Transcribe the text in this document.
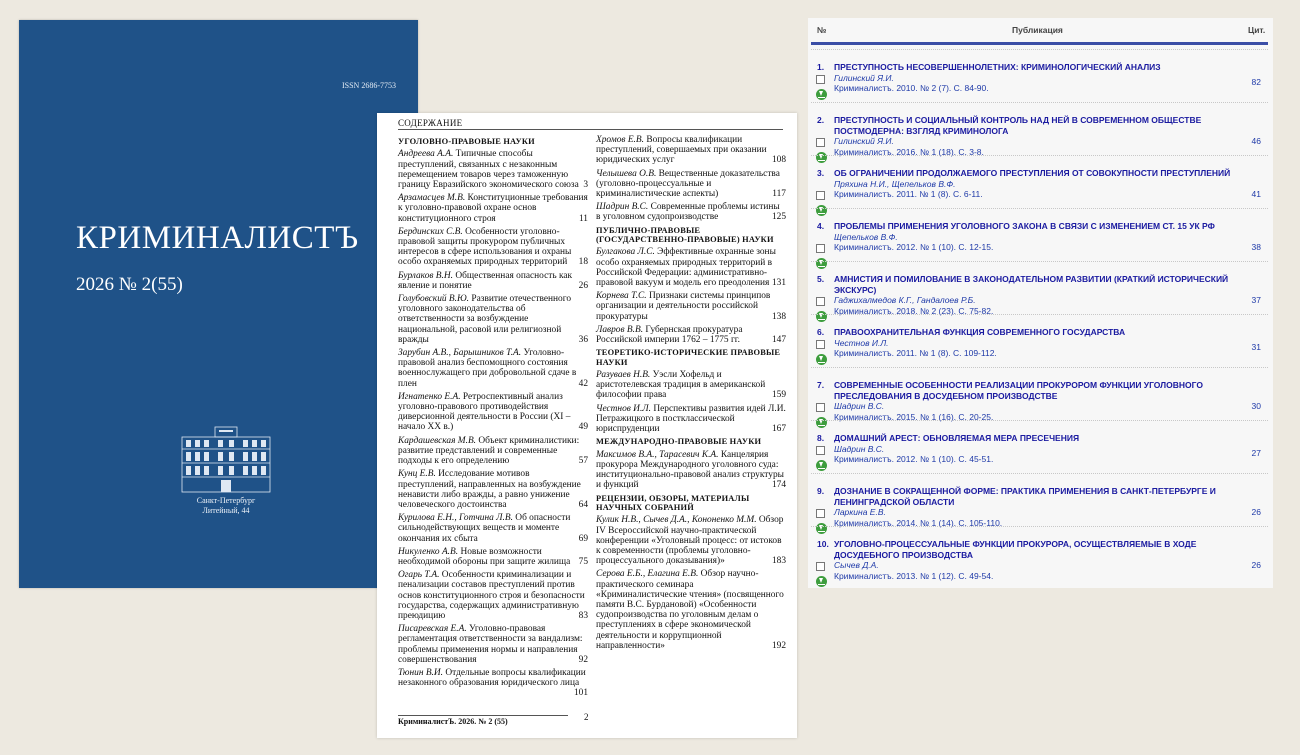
ISSN 2686-7753
КРИМИНАЛИСТЪ
2026 № 2(55)
Санкт-Петербург
Литейный, 44
СОДЕРЖАНИЕ
УГОЛОВНО-ПРАВОВЫЕ НАУКИ
Андреева А.А. Типичные способы преступлений, связанных с незаконным перемещением товаров через таможенную границу Евразийского экономического союза 3
Арзамасцев М.В. Конституционные требования к уголовно-правовой охране основ конституционного строя	11
Бердинских С.В. Особенности уголовно-правовой защиты прокурором публичных интересов в сфере использования и охраны особо охраняемых природных территорий 18
Бурлаков В.Н. Общественная опасность как явление и понятие	26
Голубовский В.Ю. Развитие отечественного уголовного законодательства об ответственности за возбуждение национальной, расовой или религиозной вражды	36
Зарубин А.В., Барышников Т.А. Уголовно-правовой анализ беспомощного состояния военнослужащего при добровольной сдаче в плен	42
Игнатенко Е.А. Ретроспективный анализ уголовно-правового противодействия диверсионной деятельности в России (XI – начало XX в.)	49
Кардашевская М.В. Объект криминалистики: развитие представлений и современные подходы к его определению	57
Кунц Е.В. Исследование мотивов преступлений, направленных на возбуждение ненависти либо вражды, а равно унижение человеческого достоинства	64
Курилова Е.Н., Готчина Л.В. Об опасности сильнодействующих веществ и моменте окончания их сбыта	69
Никуленко А.В. Новые возможности необходимой обороны при защите жилища 75
Огарь Т.А. Особенности криминализации и пенализации составов преступлений против основ конституционного строя и безопасности государства, содержащих административную преюдицию	83
Писаревская Е.А. Уголовно-правовая регламентация ответственности за вандализм: проблемы применения нормы и направления совершенствования	92
Тюнин В.И. Отдельные вопросы квалификации незаконного образования юридического лица
101
Хромов Е.В. Вопросы квалификации преступлений, совершаемых при оказании юридических услуг	108
Челышева О.В. Вещественные доказательства (уголовно-процессуальные и криминалистические аспекты)	117
Шадрин В.С. Современные проблемы истины в уголовном судопроизводстве	125
ПУБЛИЧНО-ПРАВОВЫЕ (ГОСУДАРСТВЕННО-ПРАВОВЫЕ) НАУКИ
Булгакова Л.С. Эффективные охранные зоны особо охраняемых природных территорий в Российской Федерации: административно-правовой вакуум и модель его преодоления 131
Корнева Т.С. Признаки системы принципов организации и деятельности российской прокуратуры	138
Лавров В.В. Губернская прокуратура Российской империи 1762 – 1775 гг.	147
ТЕОРЕТИКО-ИСТОРИЧЕСКИЕ ПРАВОВЫЕ НАУКИ
Разуваев Н.В. Уэсли Хофельд и аристотелевская традиция в американской философии права	159
Честнов И.Л. Перспективы развития идей Л.И. Петражицкого в постклассической юриспруденции	167
МЕЖДУНАРОДНО-ПРАВОВЫЕ НАУКИ
Максимов В.А., Тарасевич К.А. Канцелярия прокурора Международного уголовного суда: институционально-правовой анализ структуры и функций	174
РЕЦЕНЗИИ, ОБЗОРЫ, МАТЕРИАЛЫ НАУЧНЫХ СОБРАНИЙ
Кулик Н.В., Сычев Д.А., Кононенко М.М. Обзор IV Всероссийской научно-практической конференции «Уголовный процесс: от истоков к современности (проблемы уголовно-процессуального доказывания)»	183
Серова Е.Б., Елагина Е.В. Обзор научно-практического семинара «Криминалистические чтения» (посвященного памяти В.С. Бурдановой) «Особенности судопроизводства по уголовным делам о преступлениях в сфере экономической деятельности и коррупционной направленности»	192
2
КриминалистЪ. 2026. № 2 (55)
№	Публикация	Цит.
1. ПРЕСТУПНОСТЬ НЕСОВЕРШЕННОЛЕТНИХ: КРИМИНОЛОГИЧЕСКИЙ АНАЛИЗ
Гилинский Я.И.
Криминалистъ. 2010. № 2 (7). С. 84-90.
82
2. ПРЕСТУПНОСТЬ И СОЦИАЛЬНЫЙ КОНТРОЛЬ НАД НЕЙ В СОВРЕМЕННОМ ОБЩЕСТВЕ ПОСТМОДЕРНА: ВЗГЛЯД КРИМИНОЛОГА
Гилинский Я.И.
Криминалистъ. 2016. № 1 (18). С. 3-8.
46
3. ОБ ОГРАНИЧЕНИИ ПРОДОЛЖАЕМОГО ПРЕСТУПЛЕНИЯ ОТ СОВОКУПНОСТИ ПРЕСТУПЛЕНИЙ
Пряхина Н.И., Щепельков В.Ф.
Криминалистъ. 2011. № 1 (8). С. 6-11.	41
4. ПРОБЛЕМЫ ПРИМЕНЕНИЯ УГОЛОВНОГО ЗАКОНА В СВЯЗИ С ИЗМЕНЕНИЕМ СТ. 15 УК РФ
Щепельков В.Ф.
Криминалистъ. 2012. № 1 (10). С. 12-15.	38
5. АМНИСТИЯ И ПОМИЛОВАНИЕ В ЗАКОНОДАТЕЛЬНОМ РАЗВИТИИ (КРАТКИЙ ИСТОРИЧЕСКИЙ ЭКСКУРС)
Гаджихалмедов К.Г., Гандалоев Р.Б.
Криминалистъ. 2018. № 2 (23). С. 75-82.
37
6. ПРАВООХРАНИТЕЛЬНАЯ ФУНКЦИЯ СОВРЕМЕННОГО ГОСУДАРСТВА
Честнов И.Л.
Криминалистъ. 2011. № 1 (8). С. 109-112.
31
7. СОВРЕМЕННЫЕ ОСОБЕННОСТИ РЕАЛИЗАЦИИ ПРОКУРОРОМ ФУНКЦИИ УГОЛОВНОГО ПРЕСЛЕДОВАНИЯ В ДОСУДЕБНОМ ПРОИЗВОДСТВЕ
Шадрин В.С.
Криминалистъ. 2015. № 1 (16). С. 20-25.
30
8. ДОМАШНИЙ АРЕСТ: ОБНОВЛЯЕМАЯ МЕРА ПРЕСЕЧЕНИЯ
Шадрин В.С.
Криминалистъ. 2012. № 1 (10). С. 45-51.
27
9. ДОЗНАНИЕ В СОКРАЩЕННОЙ ФОРМЕ: ПРАКТИКА ПРИМЕНЕНИЯ В САНКТ-ПЕТЕРБУРГЕ И ЛЕНИНГРАДСКОЙ ОБЛАСТИ
Ларкина Е.В.
Криминалистъ. 2014. № 1 (14). С. 105-110.
26
10. УГОЛОВНО-ПРОЦЕССУАЛЬНЫЕ ФУНКЦИИ ПРОКУРОРА, ОСУЩЕСТВЛЯЕМЫЕ В ХОДЕ ДОСУДЕБНОГО ПРОИЗВОДСТВА
Сычев Д.А.
Криминалистъ. 2013. № 1 (12). С. 49-54.
26
